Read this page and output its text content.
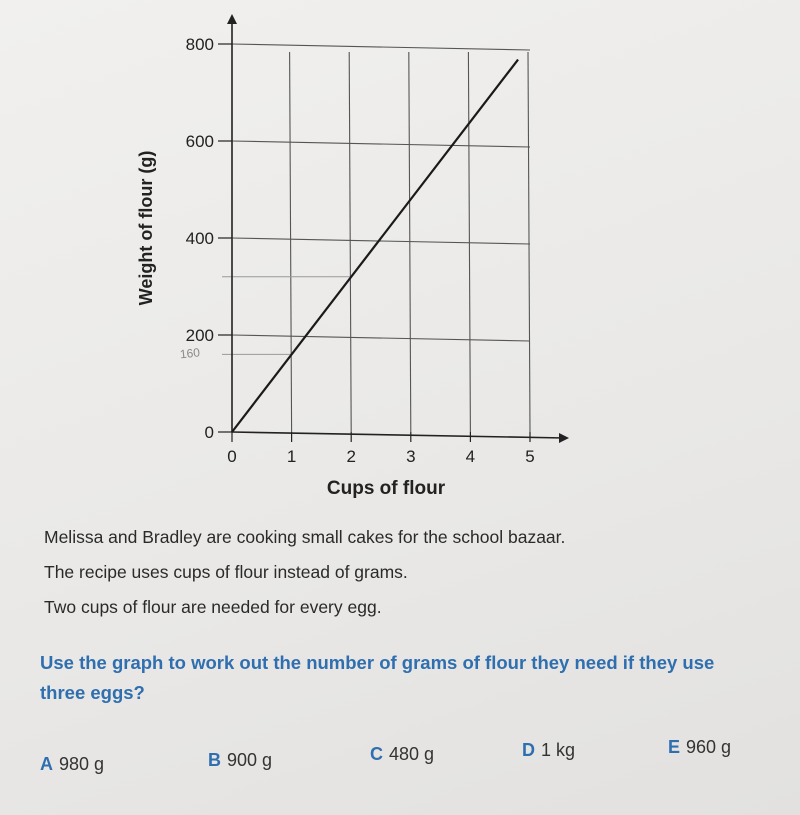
0
200
400
600
800
0	1	2	3	4	5
Cups of flour
Weight of flour (g)
160

Melissa and Bradley are cooking small cakes for the school bazaar.

The recipe uses cups of flour instead of grams.

Two cups of flour are needed for every egg.

Use the graph to work out the number of grams of flour they need if they use three eggs?
A 980 g	B 900 g	C 480 g	D 1 kg	E 960 g
